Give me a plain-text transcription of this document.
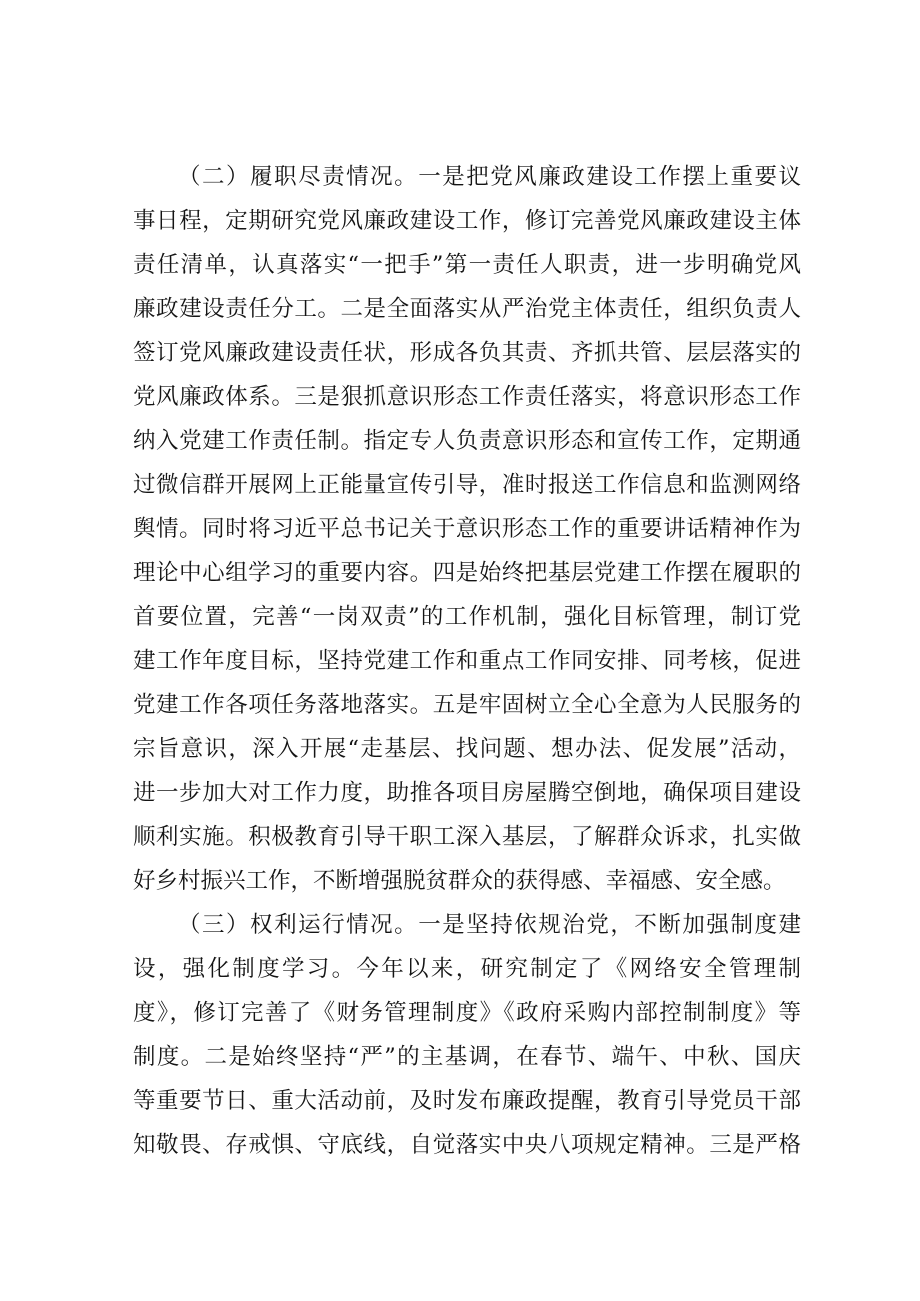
（二）履职尽责情况。一是把党风廉政建设工作摆上重要议
事日程，定期研究党风廉政建设工作，修订完善党风廉政建设主体
责任清单，认真落实“一把手”第一责任人职责，进一步明确党风
廉政建设责任分工。二是全面落实从严治党主体责任，组织负责人
签订党风廉政建设责任状，形成各负其责、齐抓共管、层层落实的
党风廉政体系。三是狠抓意识形态工作责任落实，将意识形态工作
纳入党建工作责任制。指定专人负责意识形态和宣传工作，定期通
过微信群开展网上正能量宣传引导，准时报送工作信息和监测网络
舆情。同时将习近平总书记关于意识形态工作的重要讲话精神作为
理论中心组学习的重要内容。四是始终把基层党建工作摆在履职的
首要位置，完善“一岗双责”的工作机制，强化目标管理，制订党
建工作年度目标，坚持党建工作和重点工作同安排、同考核，促进
党建工作各项任务落地落实。五是牢固树立全心全意为人民服务的
宗旨意识，深入开展“走基层、找问题、想办法、促发展”活动，
进一步加大对工作力度，助推各项目房屋腾空倒地，确保项目建设
顺利实施。积极教育引导干职工深入基层，了解群众诉求，扎实做
好乡村振兴工作，不断增强脱贫群众的获得感、幸福感、安全感。
（三）权利运行情况。一是坚持依规治党，不断加强制度建
设，强化制度学习。今年以来，研究制定了《网络安全管理制
度》，修订完善了《财务管理制度》《政府采购内部控制制度》等
制度。二是始终坚持“严”的主基调，在春节、端午、中秋、国庆
等重要节日、重大活动前，及时发布廉政提醒，教育引导党员干部
知敬畏、存戒惧、守底线，自觉落实中央八项规定精神。三是严格
